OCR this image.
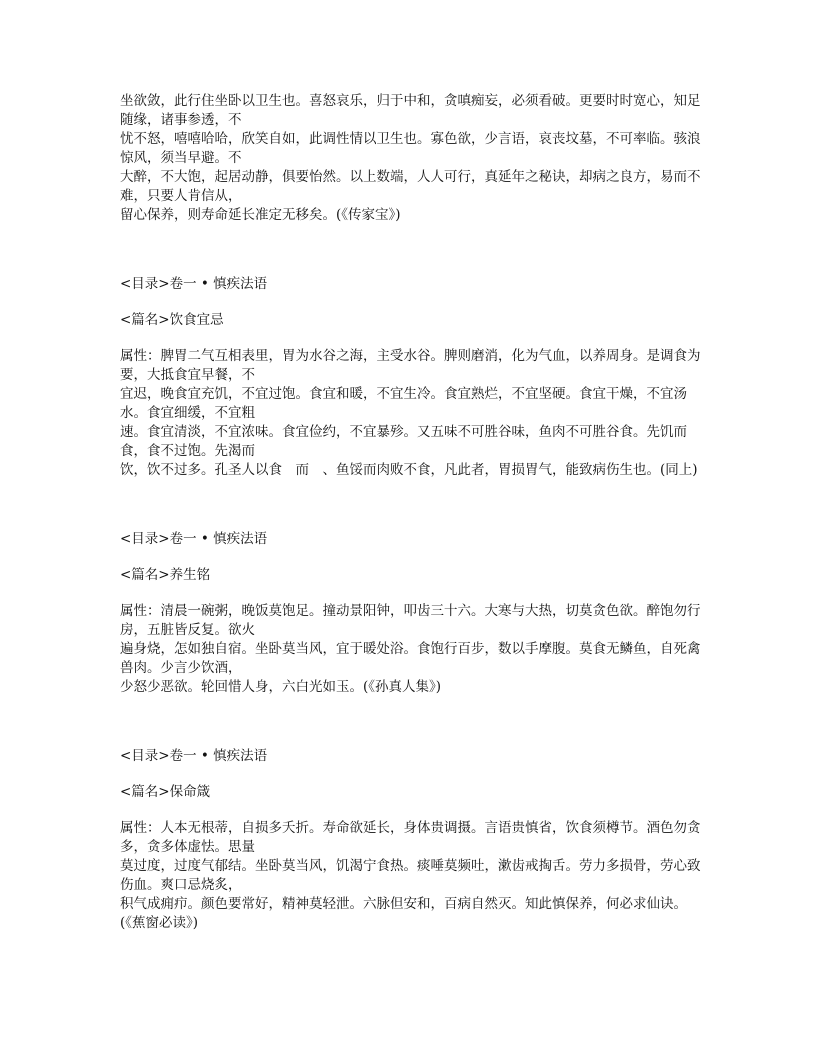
坐欲敛，此行住坐卧以卫生也。喜怒哀乐，归于中和，贪嗔痴妄，必须看破。更要时时宽心，知足随缘，诸事参透，不
忧不怒，嘻嘻哈哈，欣笑自如，此调性情以卫生也。寡色欲，少言语，哀丧坟墓，不可率临。骇浪惊风，须当早避。不
大醉，不大饱，起居动静，俱要怡然。以上数端，人人可行，真延年之秘诀，却病之良方，易而不难，只要人肯信从，
留心保养，则寿命延长准定无移矣。(《传家宝》)

<目录>卷一 • 慎疾法语

<篇名>饮食宜忌

属性：脾胃二气互相表里，胃为水谷之海，主受水谷。脾则磨消，化为气血，以养周身。是调食为要，大抵食宜早餐，不
宜迟，晚食宜充饥，不宜过饱。食宜和暖，不宜生冷。食宜熟烂，不宜坚硬。食宜干燥，不宜汤水。食宜细缓，不宜粗
速。食宜清淡，不宜浓味。食宜俭约，不宜暴殄。又五味不可胜谷味，鱼肉不可胜谷食。先饥而食，食不过饱。先渴而
饮，饮不过多。孔圣人以食　而　、鱼馁而肉败不食，凡此者，胃损胃气，能致病伤生也。(同上)

<目录>卷一 • 慎疾法语

<篇名>养生铭

属性：清晨一碗粥，晚饭莫饱足。撞动景阳钟，叩齿三十六。大寒与大热，切莫贪色欲。醉饱勿行房，五脏皆反复。欲火
遍身烧，怎如独自宿。坐卧莫当风，宜于暖处浴。食饱行百步，数以手摩腹。莫食无鳞鱼，自死禽兽肉。少言少饮酒，
少怒少恶欲。轮回惜人身，六白光如玉。(《孙真人集》)

<目录>卷一 • 慎疾法语

<篇名>保命箴

属性：人本无根蒂，自损多夭折。寿命欲延长，身体贵调摄。言语贵慎省，饮食须樽节。酒色勿贪多，贪多体虚怯。思量
莫过度，过度气郁结。坐卧莫当风，饥渴宁食热。痰唾莫频吐，漱齿戒掏舌。劳力多损骨，劳心致伤血。爽口忌烧炙，
积气成痈疖。颜色要常好，精神莫轻泄。六脉但安和，百病自然灭。知此慎保养，何必求仙诀。(《蕉窗必读》)
